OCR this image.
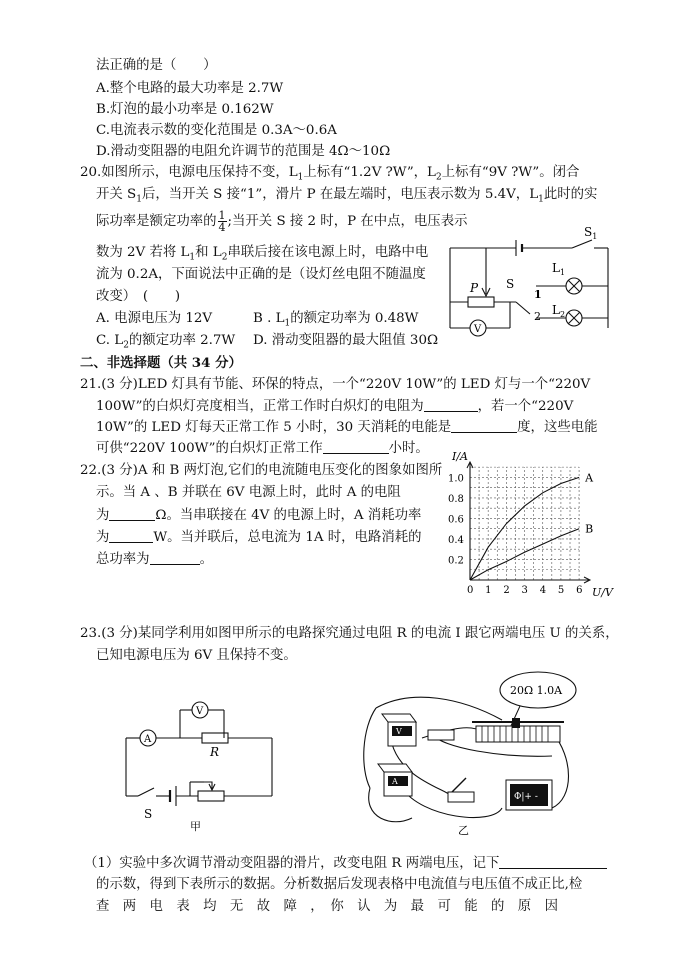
法正确的是（　　）
A.整个电路的最大功率是 2.7W
B.灯泡的最小功率是 0.162W
C.电流表示数的变化范围是 0.3A～0.6A
D.滑动变阻器的电阻允许调节的范围是 4Ω～10Ω
20.如图所示，电源电压保持不变，$L_1$上标有“1.2V ?W”，$L_2$上标有“9V ?W”。闭合
开关 $S_1$后，当开关 S 接“1”，滑片 P 在最左端时，电压表示数为 5.4V，$L_1$此时的实
际功率是额定功率的 $\frac{1}{4}$ ;当开关 S 接 2 时，P 在中点，电压表示
数为 2V 若将 $L_1$和 $L_2$串联后接在该电源上时，电路中电
流为 0.2A，下面说法中正确的是（设灯丝电阻不随温度
改变）　(　　)
A. 电源电压为 12V	B . $L_1$的额定功率为 0.48W
C. $L_2$的额定功率 2.7W D. 滑动变阻器的最大阻值 30Ω
$S_1$
$L_1$
$L_2$
P S
1
2
V
二、非选择题（共 34 分）
21.(3 分)LED 灯具有节能、环保的特点，一个“220V 10W”的 LED 灯与一个“220V
100W”的白炽灯亮度相当，正常工作时白炽灯的电阻为	，若一个“220V
10W”的 LED 灯每天正常工作 5 小时，30 天消耗的电能是	度，这些电能
可供“220V 100W”的白炽灯正常工作	小时。
22.(3 分)A 和 B 两灯泡,它们的电流随电压变化的图象如图所
示。当 A 、B 并联在 6V 电源上时，此时 A 的电阻
为	Ω。当串联接在 4V 的电源上时，A 消耗功率
为	W。当并联后，总电流为 1A 时，电路消耗的
总功率为	。
0 1 2 3 4 5 6
0.2
0.4
0.6
0.8
1.0	A
B
I/A
U/V
23.(3 分)某同学利用如图甲所示的电路探究通过电阻 R 的电流 I 跟它两端电压 U 的关系，
已知电源电压为 6V 且保持不变。
A
V
R
S
甲
20Ω 1.0A
V
A
Φ|+ -
乙
（1）实验中多次调节滑动变阻器的滑片，改变电阻 R 两端电压，记下
的示数，得到下表所示的数据。分析数据后发现表格中电流值与电压值不成正比,检
查　两　电　表　均　无　故　障　，　你　认　为　最　可　能　的　原　因
